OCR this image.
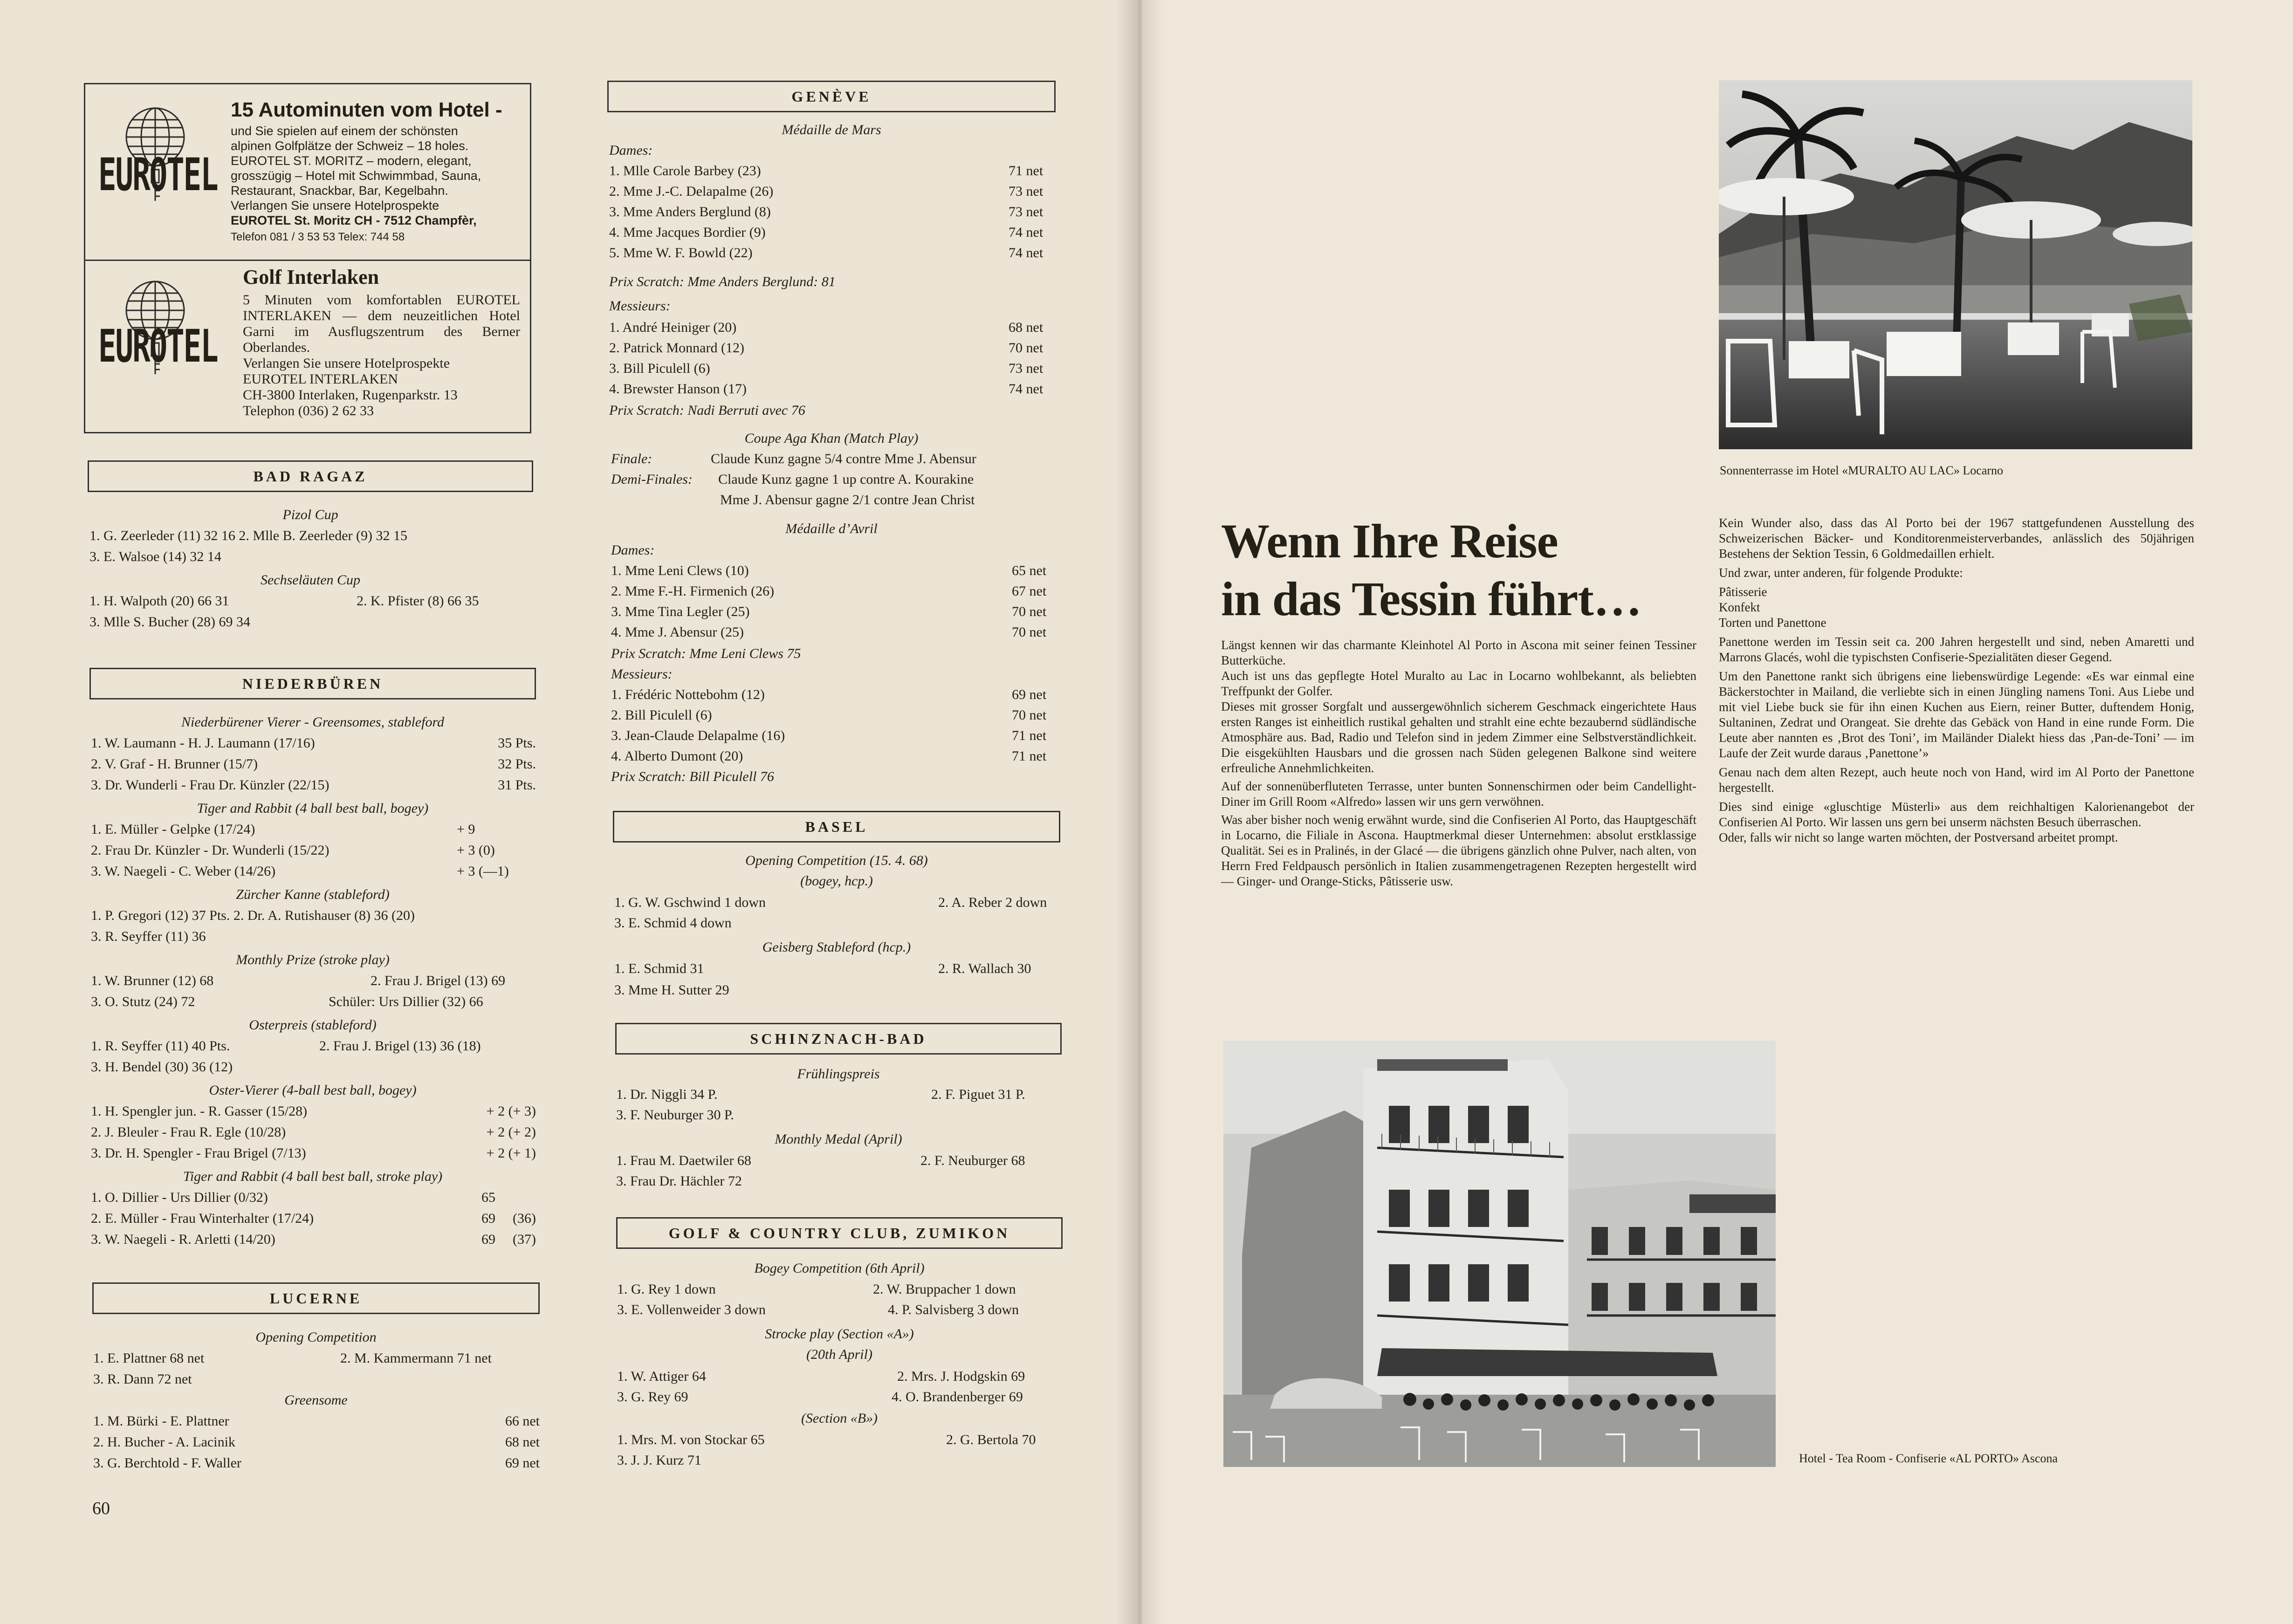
EUROTEL
15 Autominuten vom Hotel -
und Sie spielen auf einem der schönsten
alpinen Golfplätze der Schweiz – 18 holes.
EUROTEL ST. MORITZ – modern, elegant,
grosszügig – Hotel mit Schwimmbad, Sauna,
Restaurant, Snackbar, Bar, Kegelbahn.
Verlangen Sie unsere Hotelprospekte
EUROTEL St. Moritz CH - 7512 Champfèr,
Telefon 081 / 3 53 53 Telex: 744 58
EUROTEL
Golf Interlaken
5 Minuten vom komfortablen EUROTEL INTERLAKEN — dem neuzeitlichen Hotel Garni im Ausflugszentrum des Berner Oberlandes.
Verlangen Sie unsere Hotelprospekte
EUROTEL INTERLAKEN
CH-3800 Interlaken, Rugenparkstr. 13
Telephon (036) 2 62 33
BAD RAGAZ
Pizol Cup
1. G. Zeerleder (11) 32 16 2. Mlle B. Zeerleder (9) 32 15
3. E. Walsoe (14) 32 14
Sechseläuten Cup
1. H. Walpoth (20) 66 31	2. K. Pfister (8) 66 35
3. Mlle S. Bucher (28) 69 34
NIEDERBÜREN
Niederbürener Vierer - Greensomes, stableford
1. W. Laumann - H. J. Laumann (17/16)	35 Pts.
2. V. Graf - H. Brunner (15/7)	32 Pts.
3. Dr. Wunderli - Frau Dr. Künzler (22/15)	31 Pts.
Tiger and Rabbit (4 ball best ball, bogey)
1. E. Müller - Gelpke (17/24)	+ 9
2. Frau Dr. Künzler - Dr. Wunderli (15/22)	+ 3 (0)
3. W. Naegeli - C. Weber (14/26)	+ 3 (—1)
Zürcher Kanne (stableford)
1. P. Gregori (12) 37 Pts. 2. Dr. A. Rutishauser (8) 36 (20)
3. R. Seyffer (11) 36
Monthly Prize (stroke play)
1. W. Brunner (12) 68	2. Frau J. Brigel (13) 69
3. O. Stutz (24) 72	Schüler: Urs Dillier (32) 66
Osterpreis (stableford)
1. R. Seyffer (11) 40 Pts.	2. Frau J. Brigel (13) 36 (18)
3. H. Bendel (30) 36 (12)
Oster-Vierer (4-ball best ball, bogey)
1. H. Spengler jun. - R. Gasser (15/28)	+ 2 (+ 3)
2. J. Bleuler - Frau R. Egle (10/28)	+ 2 (+ 2)
3. Dr. H. Spengler - Frau Brigel (7/13)	+ 2 (+ 1)
Tiger and Rabbit (4 ball best ball, stroke play)
1. O. Dillier - Urs Dillier (0/32)	65
2. E. Müller - Frau Winterhalter (17/24)	69 (36)
3. W. Naegeli - R. Arletti (14/20)	69 (37)
LUCERNE
Opening Competition
1. E. Plattner 68 net	2. M. Kammermann 71 net
3. R. Dann 72 net
Greensome
1. M. Bürki - E. Plattner	66 net
2. H. Bucher - A. Lacinik	68 net
3. G. Berchtold - F. Waller	69 net
60
GENÈVE
Médaille de Mars
Dames:
1. Mlle Carole Barbey (23)	71 net
2. Mme J.-C. Delapalme (26)	73 net
3. Mme Anders Berglund (8)	73 net
4. Mme Jacques Bordier (9)	74 net
5. Mme W. F. Bowld (22)	74 net
Prix Scratch: Mme Anders Berglund: 81
Messieurs:
1. André Heiniger (20)	68 net
2. Patrick Monnard (12)	70 net
3. Bill Piculell (6)	73 net
4. Brewster Hanson (17)	74 net
Prix Scratch: Nadi Berruti avec 76
Coupe Aga Khan (Match Play)
Finale:	Claude Kunz gagne 5/4 contre Mme J. Abensur
Demi-Finales: Claude Kunz gagne 1 up contre A. Kourakine
Mme J. Abensur gagne 2/1 contre Jean Christ
Médaille d’Avril
Dames:
1. Mme Leni Clews (10)	65 net
2. Mme F.-H. Firmenich (26)	67 net
3. Mme Tina Legler (25)	70 net
4. Mme J. Abensur (25)	70 net
Prix Scratch: Mme Leni Clews 75
Messieurs:
1. Frédéric Nottebohm (12)	69 net
2. Bill Piculell (6)	70 net
3. Jean-Claude Delapalme (16)	71 net
4. Alberto Dumont (20)	71 net
Prix Scratch: Bill Piculell 76
BASEL
Opening Competition (15. 4. 68)
(bogey, hcp.)
1. G. W. Gschwind 1 down	2. A. Reber 2 down
3. E. Schmid 4 down
Geisberg Stableford (hcp.)
1. E. Schmid 31	2. R. Wallach 30
3. Mme H. Sutter 29
SCHINZNACH-BAD
Frühlingspreis
1. Dr. Niggli 34 P.	2. F. Piguet 31 P.
3. F. Neuburger 30 P.
Monthly Medal (April)
1. Frau M. Daetwiler 68	2. F. Neuburger 68
3. Frau Dr. Hächler 72
GOLF & COUNTRY CLUB, ZUMIKON
Bogey Competition (6th April)
1. G. Rey 1 down	2. W. Bruppacher 1 down
3. E. Vollenweider 3 down	4. P. Salvisberg 3 down
Strocke play (Section «A»)
(20th April)
1. W. Attiger 64	2. Mrs. J. Hodgskin 69
3. G. Rey 69	4. O. Brandenberger 69
(Section «B»)
1. Mrs. M. von Stockar 65	2. G. Bertola 70
3. J. J. Kurz 71
Sonnenterrasse im Hotel «MURALTO AU LAC» Locarno
Wenn Ihre Reise
in das Tessin führt…
Längst kennen wir das charmante Kleinhotel Al Porto in Ascona mit seiner feinen Tessiner Butterküche.
Auch ist uns das gepflegte Hotel Muralto au Lac in Locarno wohlbekannt, als beliebten Treffpunkt der Golfer.
Dieses mit grosser Sorgfalt und aussergewöhnlich sicherem Geschmack eingerichtete Haus ersten Ranges ist einheitlich rustikal gehalten und strahlt eine echte bezaubernd südländische Atmosphäre aus. Bad, Radio und Telefon sind in jedem Zimmer eine Selbstverständlichkeit. Die eisgekühlten Hausbars und die grossen nach Süden gelegenen Balkone sind weitere erfreuliche Annehmlichkeiten.
Auf der sonnenüberfluteten Terrasse, unter bunten Sonnenschirmen oder beim Candellight-Diner im Grill Room «Alfredo» lassen wir uns gern verwöhnen.
Was aber bisher noch wenig erwähnt wurde, sind die Confiserien Al Porto, das Hauptgeschäft in Locarno, die Filiale in Ascona. Hauptmerkmal dieser Unternehmen: absolut erstklassige Qualität. Sei es in Pralinés, in der Glacé — die übrigens gänzlich ohne Pulver, nach alten, von Herrn Fred Feldpausch persönlich in Italien zusammengetragenen Rezepten hergestellt wird — Ginger- und Orange-Sticks, Pâtisserie usw.
Kein Wunder also, dass das Al Porto bei der 1967 stattgefundenen Ausstellung des Schweizerischen Bäcker- und Konditorenmeisterverbandes, anlässlich des 50jährigen Bestehens der Sektion Tessin, 6 Goldmedaillen erhielt.
Und zwar, unter anderen, für folgende Produkte:
Pâtisserie
Konfekt
Torten und Panettone
Panettone werden im Tessin seit ca. 200 Jahren hergestellt und sind, neben Amaretti und Marrons Glacés, wohl die typischsten Confiserie-Spezialitäten dieser Gegend.
Um den Panettone rankt sich übrigens eine liebenswürdige Legende: «Es war einmal eine Bäckerstochter in Mailand, die verliebte sich in einen Jüngling namens Toni. Aus Liebe und mit viel Liebe buck sie für ihn einen Kuchen aus Eiern, reiner Butter, duftendem Honig, Sultaninen, Zedrat und Orangeat. Sie drehte das Gebäck von Hand in eine runde Form. Die Leute aber nannten es ‚Brot des Toni’, im Mailänder Dialekt hiess das ‚Pan-de-Toni’ — im Laufe der Zeit wurde daraus ‚Panettone’»
Genau nach dem alten Rezept, auch heute noch von Hand, wird im Al Porto der Panettone hergestellt.
Dies sind einige «gluschtige Müsterli» aus dem reichhaltigen Kalorienangebot der Confiserien Al Porto. Wir lassen uns gern bei unserm nächsten Besuch überraschen.
Oder, falls wir nicht so lange warten möchten, der Postversand arbeitet prompt.
Hotel - Tea Room - Confiserie «AL PORTO» Ascona
